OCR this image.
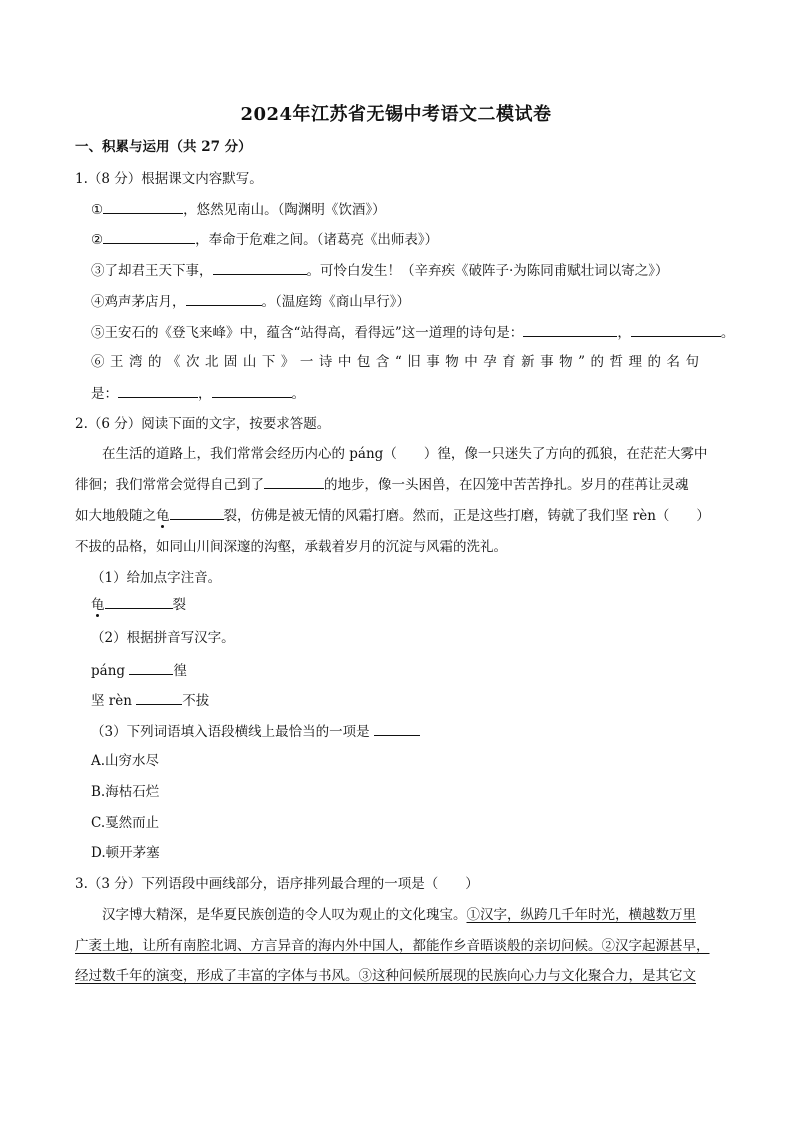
2024年江苏省无锡中考语文二模试卷
一、积累与运用（共 27 分）
1.（8 分）根据课文内容默写。
①	，悠然见南山。（陶渊明《饮酒》）
②	，奉命于危难之间。（诸葛亮《出师表》）
③了却君王天下事，	。可怜白发生！（辛弃疾《破阵子·为陈同甫赋壮词以寄之》）
④鸡声茅店月，	。（温庭筠《商山早行》）
⑤王安石的《登飞来峰》中，蕴含“站得高，看得远”这一道理的诗句是：	，	。
⑥王湾的《次北固山下》一诗中包含“旧事物中孕育新事物”的哲理的名句
是：	，	。
2.（6 分）阅读下面的文字，按要求答题。
在生活的道路上，我们常常会经历内心的 páng（　　）徨，像一只迷失了方向的孤狼，在茫茫大雾中
徘徊；我们常常会觉得自己到了	的地步，像一头困兽，在囚笼中苦苦挣扎。岁月的荏苒让灵魂
如大地般随之龟	裂，仿佛是被无情的风霜打磨。然而，正是这些打磨，铸就了我们坚 rèn（　　）
不拔的品格，如同山川间深邃的沟壑，承载着岁月的沉淀与风霜的洗礼。
（1）给加点字注音。
龟	裂
（2）根据拼音写汉字。
páng	徨
坚 rèn	不拔
（3）下列词语填入语段横线上最恰当的一项是
A.山穷水尽
B.海枯石烂
C.戛然而止
D.顿开茅塞
3.（3 分）下列语段中画线部分，语序排列最合理的一项是（　　）
汉字博大精深，是华夏民族创造的令人叹为观止的文化瑰宝。①汉字，纵跨几千年时光，横越数万里
广袤土地，让所有南腔北调、方言异音的海内外中国人，都能作乡音晤谈般的亲切问候。②汉字起源甚早，
经过数千年的演变，形成了丰富的字体与书风。③这种问候所展现的民族向心力与文化聚合力，是其它文
